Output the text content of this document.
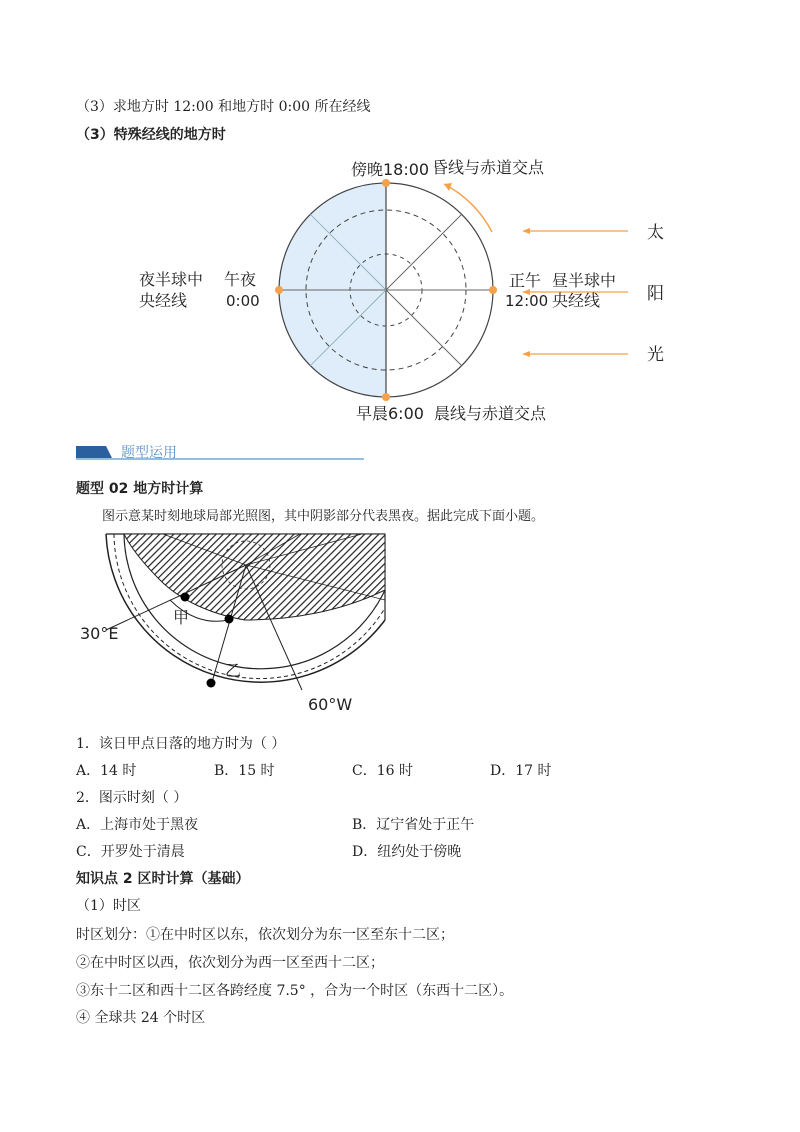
（3）求地方时 12:00 和地方时 0:00 所在经线
（3）特殊经线的地方时
傍晚18:00 昏线与赤道交点
早晨6:00 晨线与赤道交点
夜半球中
央经线
午夜
0:00
正午
12:00
昼半球中
央经线
太
阳
光
题型运用
题型 02 地方时计算
图示意某时刻地球局部光照图，其中阴影部分代表黑夜。据此完成下面小题。
甲
乙
30°E
60°W
1．该日甲点日落的地方时为（ ）
A．14 时	B．15 时	C．16 时	D．17 时
2．图示时刻（ ）
A．上海市处于黑夜	B．辽宁省处于正午
C．开罗处于清晨	D．纽约处于傍晚
知识点 2 区时计算（基础）
（1）时区
时区划分：①在中时区以东，依次划分为东一区至东十二区；
②在中时区以西，依次划分为西一区至西十二区；
③东十二区和西十二区各跨经度 7.5° ，合为一个时区（东西十二区）。
④ 全球共 24 个时区
